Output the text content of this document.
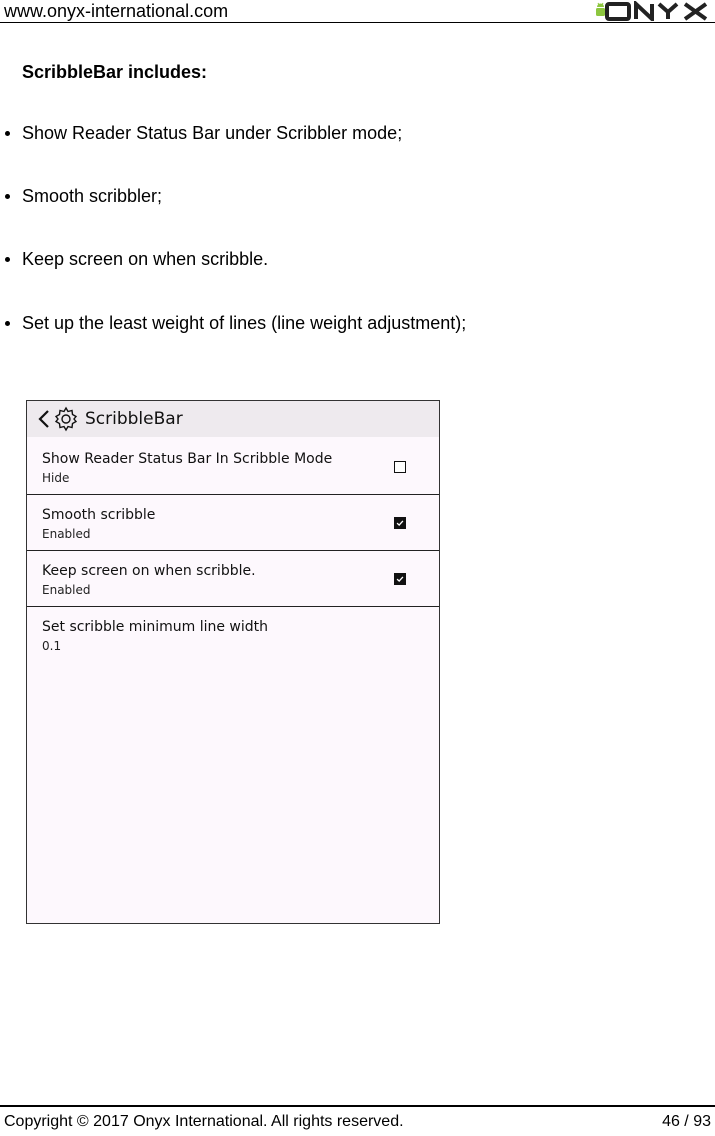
www.onyx-international.com
ScribbleBar includes:
Show Reader Status Bar under Scribbler mode;
Smooth scribbler;
Keep screen on when scribble.
Set up the least weight of lines (line weight adjustment);
ScribbleBar
Show Reader Status Bar In Scribble Mode
Hide
Smooth scribble
Enabled
Keep screen on when scribble.
Enabled
Set scribble minimum line width
0.1
Copyright © 2017 Onyx International. All rights reserved.	46 / 93
